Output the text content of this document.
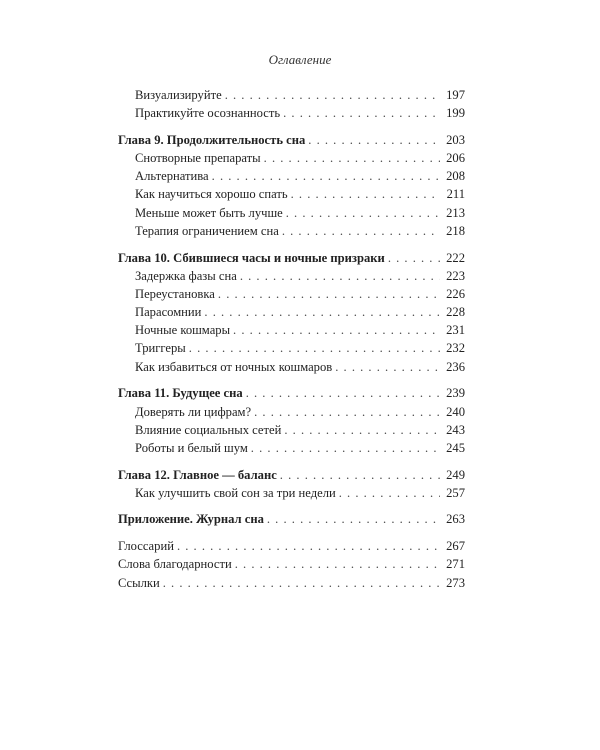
Оглавление
Визуализируйте . . .	197
Практикуйте осознанность . . .	199
Глава 9. Продолжительность сна . . .	203
Снотворные препараты . . .	206
Альтернатива . . .	208
Как научиться хорошо спать . . .	211
Меньше может быть лучше . . .	213
Терапия ограничением сна . . .	218
Глава 10. Сбившиеся часы и ночные призраки . . .	222
Задержка фазы сна . . .	223
Переустановка . . .	226
Парасомнии . . .	228
Ночные кошмары . . .	231
Триггеры . . .	232
Как избавиться от ночных кошмаров . . .	236
Глава 11. Будущее сна . . .	239
Доверять ли цифрам? . . .	240
Влияние социальных сетей . . .	243
Роботы и белый шум . . .	245
Глава 12. Главное — баланс . . .	249
Как улучшить свой сон за три недели . . .	257
Приложение. Журнал сна . . .	263
Глоссарий . . .	267
Слова благодарности . . .	271
Ссылки . . .	273
